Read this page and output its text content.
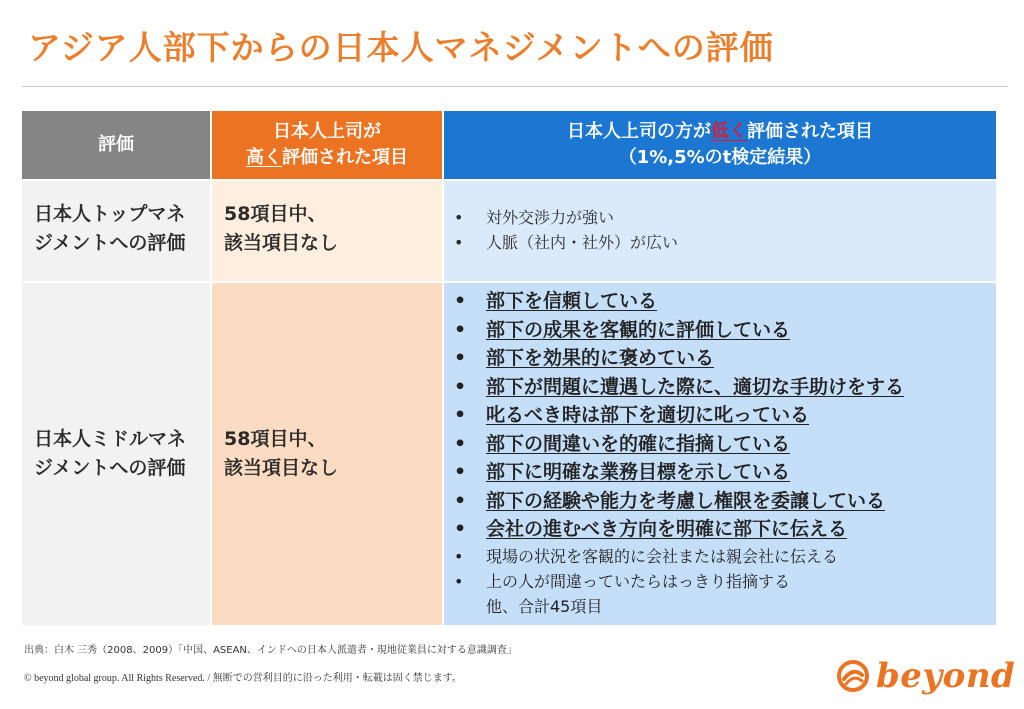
アジア人部下からの日本人マネジメントへの評価
評価
日本人上司が
高く評価された項目
日本人上司の方が低く評価された項目
（1%,5%のt検定結果）
日本人トップマネ
ジメントへの評価
58項目中、
該当項目なし
• 対外交渉力が強い
• 人脈（社内・社外）が広い
日本人ミドルマネ
ジメントへの評価
58項目中、
該当項目なし
• 部下を信頼している
• 部下の成果を客観的に評価している
• 部下を効果的に褒めている
• 部下が問題に遭遇した際に、適切な手助けをする
• 叱るべき時は部下を適切に叱っている
• 部下の間違いを的確に指摘している
• 部下に明確な業務目標を示している
• 部下の経験や能力を考慮し権限を委譲している
• 会社の進むべき方向を明確に部下に伝える
• 現場の状況を客観的に会社または親会社に伝える
• 上の人が間違っていたらはっきり指摘する
他、合計45項目
出典：白木 三秀（2008、2009）「中国、ASEAN、インドへの日本人派遣者・現地従業員に対する意識調査」
© beyond global group. All Rights Reserved. / 無断での営利目的に沿った利用・転載は固く禁じます。	beyond
